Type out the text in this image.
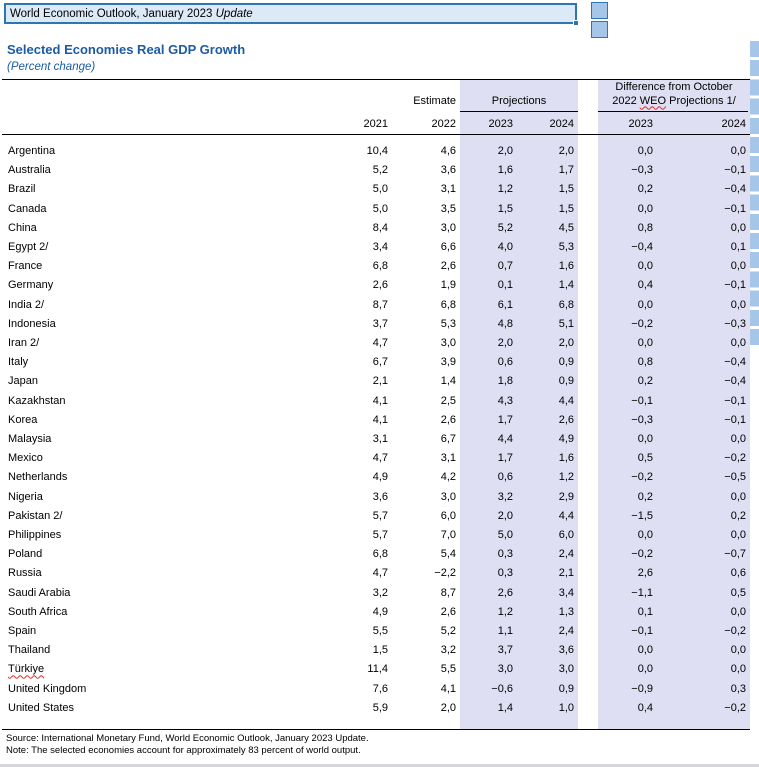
World Economic Outlook, January 2023 Update
Selected Economies Real GDP Growth
(Percent change)
Estimate	Projections
Difference from October
2022 WEO Projections 1/
	2021	2022	2023	2024		2023	2024

Argentina	10,4	4,6	2,0	2,0		0,0	0,0
Australia	5,2	3,6	1,6	1,7		−0,3	−0,1
Brazil	5,0	3,1	1,2	1,5		0,2	−0,4
Canada	5,0	3,5	1,5	1,5		0,0	−0,1
China	8,4	3,0	5,2	4,5		0,8	0,0
Egypt 2/	3,4	6,6	4,0	5,3		−0,4	0,1
France	6,8	2,6	0,7	1,6		0,0	0,0
Germany	2,6	1,9	0,1	1,4		0,4	−0,1
India 2/	8,7	6,8	6,1	6,8		0,0	0,0
Indonesia	3,7	5,3	4,8	5,1		−0,2	−0,3
Iran 2/	4,7	3,0	2,0	2,0		0,0	0,0
Italy	6,7	3,9	0,6	0,9		0,8	−0,4
Japan	2,1	1,4	1,8	0,9		0,2	−0,4
Kazakhstan	4,1	2,5	4,3	4,4		−0,1	−0,1
Korea	4,1	2,6	1,7	2,6		−0,3	−0,1
Malaysia	3,1	6,7	4,4	4,9		0,0	0,0
Mexico	4,7	3,1	1,7	1,6		0,5	−0,2
Netherlands	4,9	4,2	0,6	1,2		−0,2	−0,5
Nigeria	3,6	3,0	3,2	2,9		0,2	0,0
Pakistan 2/	5,7	6,0	2,0	4,4		−1,5	0,2
Philippines	5,7	7,0	5,0	6,0		0,0	0,0
Poland	6,8	5,4	0,3	2,4		−0,2	−0,7
Russia	4,7	−2,2	0,3	2,1		2,6	0,6
Saudi Arabia	3,2	8,7	2,6	3,4		−1,1	0,5
South Africa	4,9	2,6	1,2	1,3		0,1	0,0
Spain	5,5	5,2	1,1	2,4		−0,1	−0,2
Thailand	1,5	3,2	3,7	3,6		0,0	0,0
Türkiye	11,4	5,5	3,0	3,0		0,0	0,0
United Kingdom	7,6	4,1	−0,6	0,9		−0,9	0,3
United States	5,9	2,0	1,4	1,0		0,4	−0,2
Source: International Monetary Fund, World Economic Outlook, January 2023 Update.
Note: The selected economies account for approximately 83 percent of world output.
